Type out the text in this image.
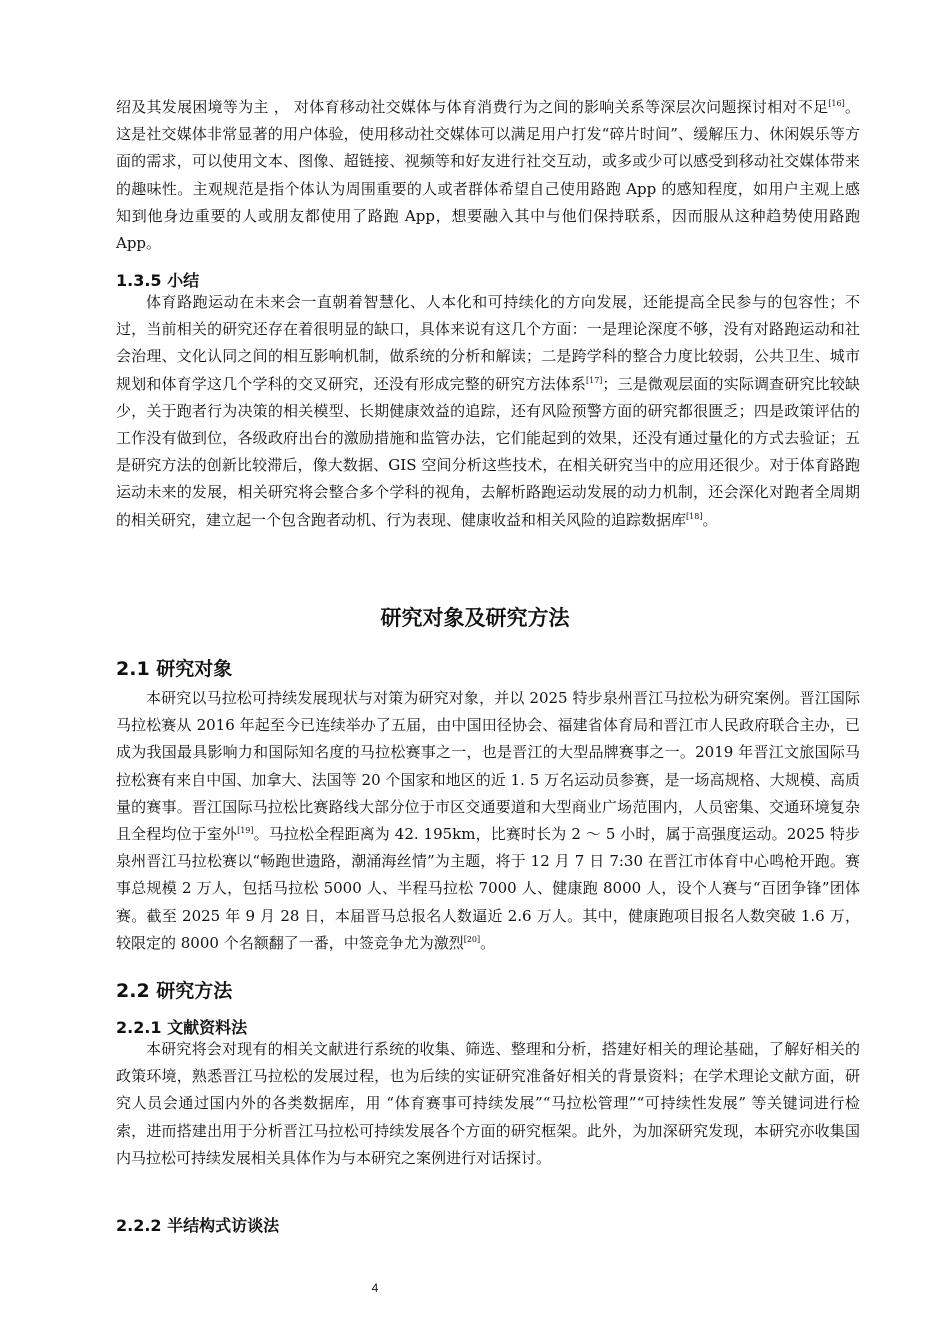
绍及其发展困境等为主 ， 对体育移动社交媒体与体育消费行为之间的影响关系等深层次问题探讨相对不足[16]。这是社交媒体非常显著的用户体验，使用移动社交媒体可以满足用户打发“碎片时间”、缓解压力、休闲娱乐等方面的需求，可以使用文本、图像、超链接、视频等和好友进行社交互动，或多或少可以感受到移动社交媒体带来的趣味性。主观规范是指个体认为周围重要的人或者群体希望自己使用路跑 App 的感知程度，如用户主观上感知到他身边重要的人或朋友都使用了路跑 App，想要融入其中与他们保持联系，因而服从这种趋势使用路跑 App。

1.3.5 小结

体育路跑运动在未来会一直朝着智慧化、人本化和可持续化的方向发展，还能提高全民参与的包容性；不过，当前相关的研究还存在着很明显的缺口，具体来说有这几个方面：一是理论深度不够，没有对路跑运动和社会治理、文化认同之间的相互影响机制，做系统的分析和解读；二是跨学科的整合力度比较弱，公共卫生、城市规划和体育学这几个学科的交叉研究，还没有形成完整的研究方法体系[17]；三是微观层面的实际调查研究比较缺少，关于跑者行为决策的相关模型、长期健康效益的追踪，还有风险预警方面的研究都很匮乏；四是政策评估的工作没有做到位，各级政府出台的激励措施和监管办法，它们能起到的效果，还没有通过量化的方式去验证；五是研究方法的创新比较滞后，像大数据、GIS 空间分析这些技术，在相关研究当中的应用还很少。对于体育路跑运动未来的发展，相关研究将会整合多个学科的视角，去解析路跑运动发展的动力机制，还会深化对跑者全周期的相关研究，建立起一个包含跑者动机、行为表现、健康收益和相关风险的追踪数据库[18]。

研究对象及研究方法
2.1 研究对象

本研究以马拉松可持续发展现状与对策为研究对象，并以 2025 特步泉州晋江马拉松为研究案例。晋江国际马拉松赛从 2016 年起至今已连续举办了五届，由中国田径协会、福建省体育局和晋江市人民政府联合主办，已成为我国最具影响力和国际知名度的马拉松赛事之一，也是晋江的大型品牌赛事之一。2019 年晋江文旅国际马拉松赛有来自中国、加拿大、法国等 20 个国家和地区的近 1. 5 万名运动员参赛，是一场高规格、大规模、高质量的赛事。晋江国际马拉松比赛路线大部分位于市区交通要道和大型商业广场范围内，人员密集、交通环境复杂且全程均位于室外[19]。马拉松全程距离为 42. 195km，比赛时长为 2 ～ 5 小时，属于高强度运动。2025 特步泉州晋江马拉松赛以“畅跑世遗路，潮涌海丝情”为主题，将于 12 月 7 日 7:30 在晋江市体育中心鸣枪开跑。赛事总规模 2 万人，包括马拉松 5000 人、半程马拉松 7000 人、健康跑 8000 人，设个人赛与“百团争锋”团体赛。截至 2025 年 9 月 28 日，本届晋马总报名人数逼近 2.6 万人。其中，健康跑项目报名人数突破 1.6 万，较限定的 8000 个名额翻了一番，中签竞争尤为激烈[20]。

2.2 研究方法
2.2.1 文献资料法

本研究将会对现有的相关文献进行系统的收集、筛选、整理和分析，搭建好相关的理论基础，了解好相关的政策环境，熟悉晋江马拉松的发展过程，也为后续的实证研究准备好相关的背景资料；在学术理论文献方面，研究人员会通过国内外的各类数据库，用 “体育赛事可持续发展”“马拉松管理”“可持续性发展” 等关键词进行检索，进而搭建出用于分析晋江马拉松可持续发展各个方面的研究框架。此外，为加深研究发现，本研究亦收集国内马拉松可持续发展相关具体作为与本研究之案例进行对话探讨。

2.2.2 半结构式访谈法
4
